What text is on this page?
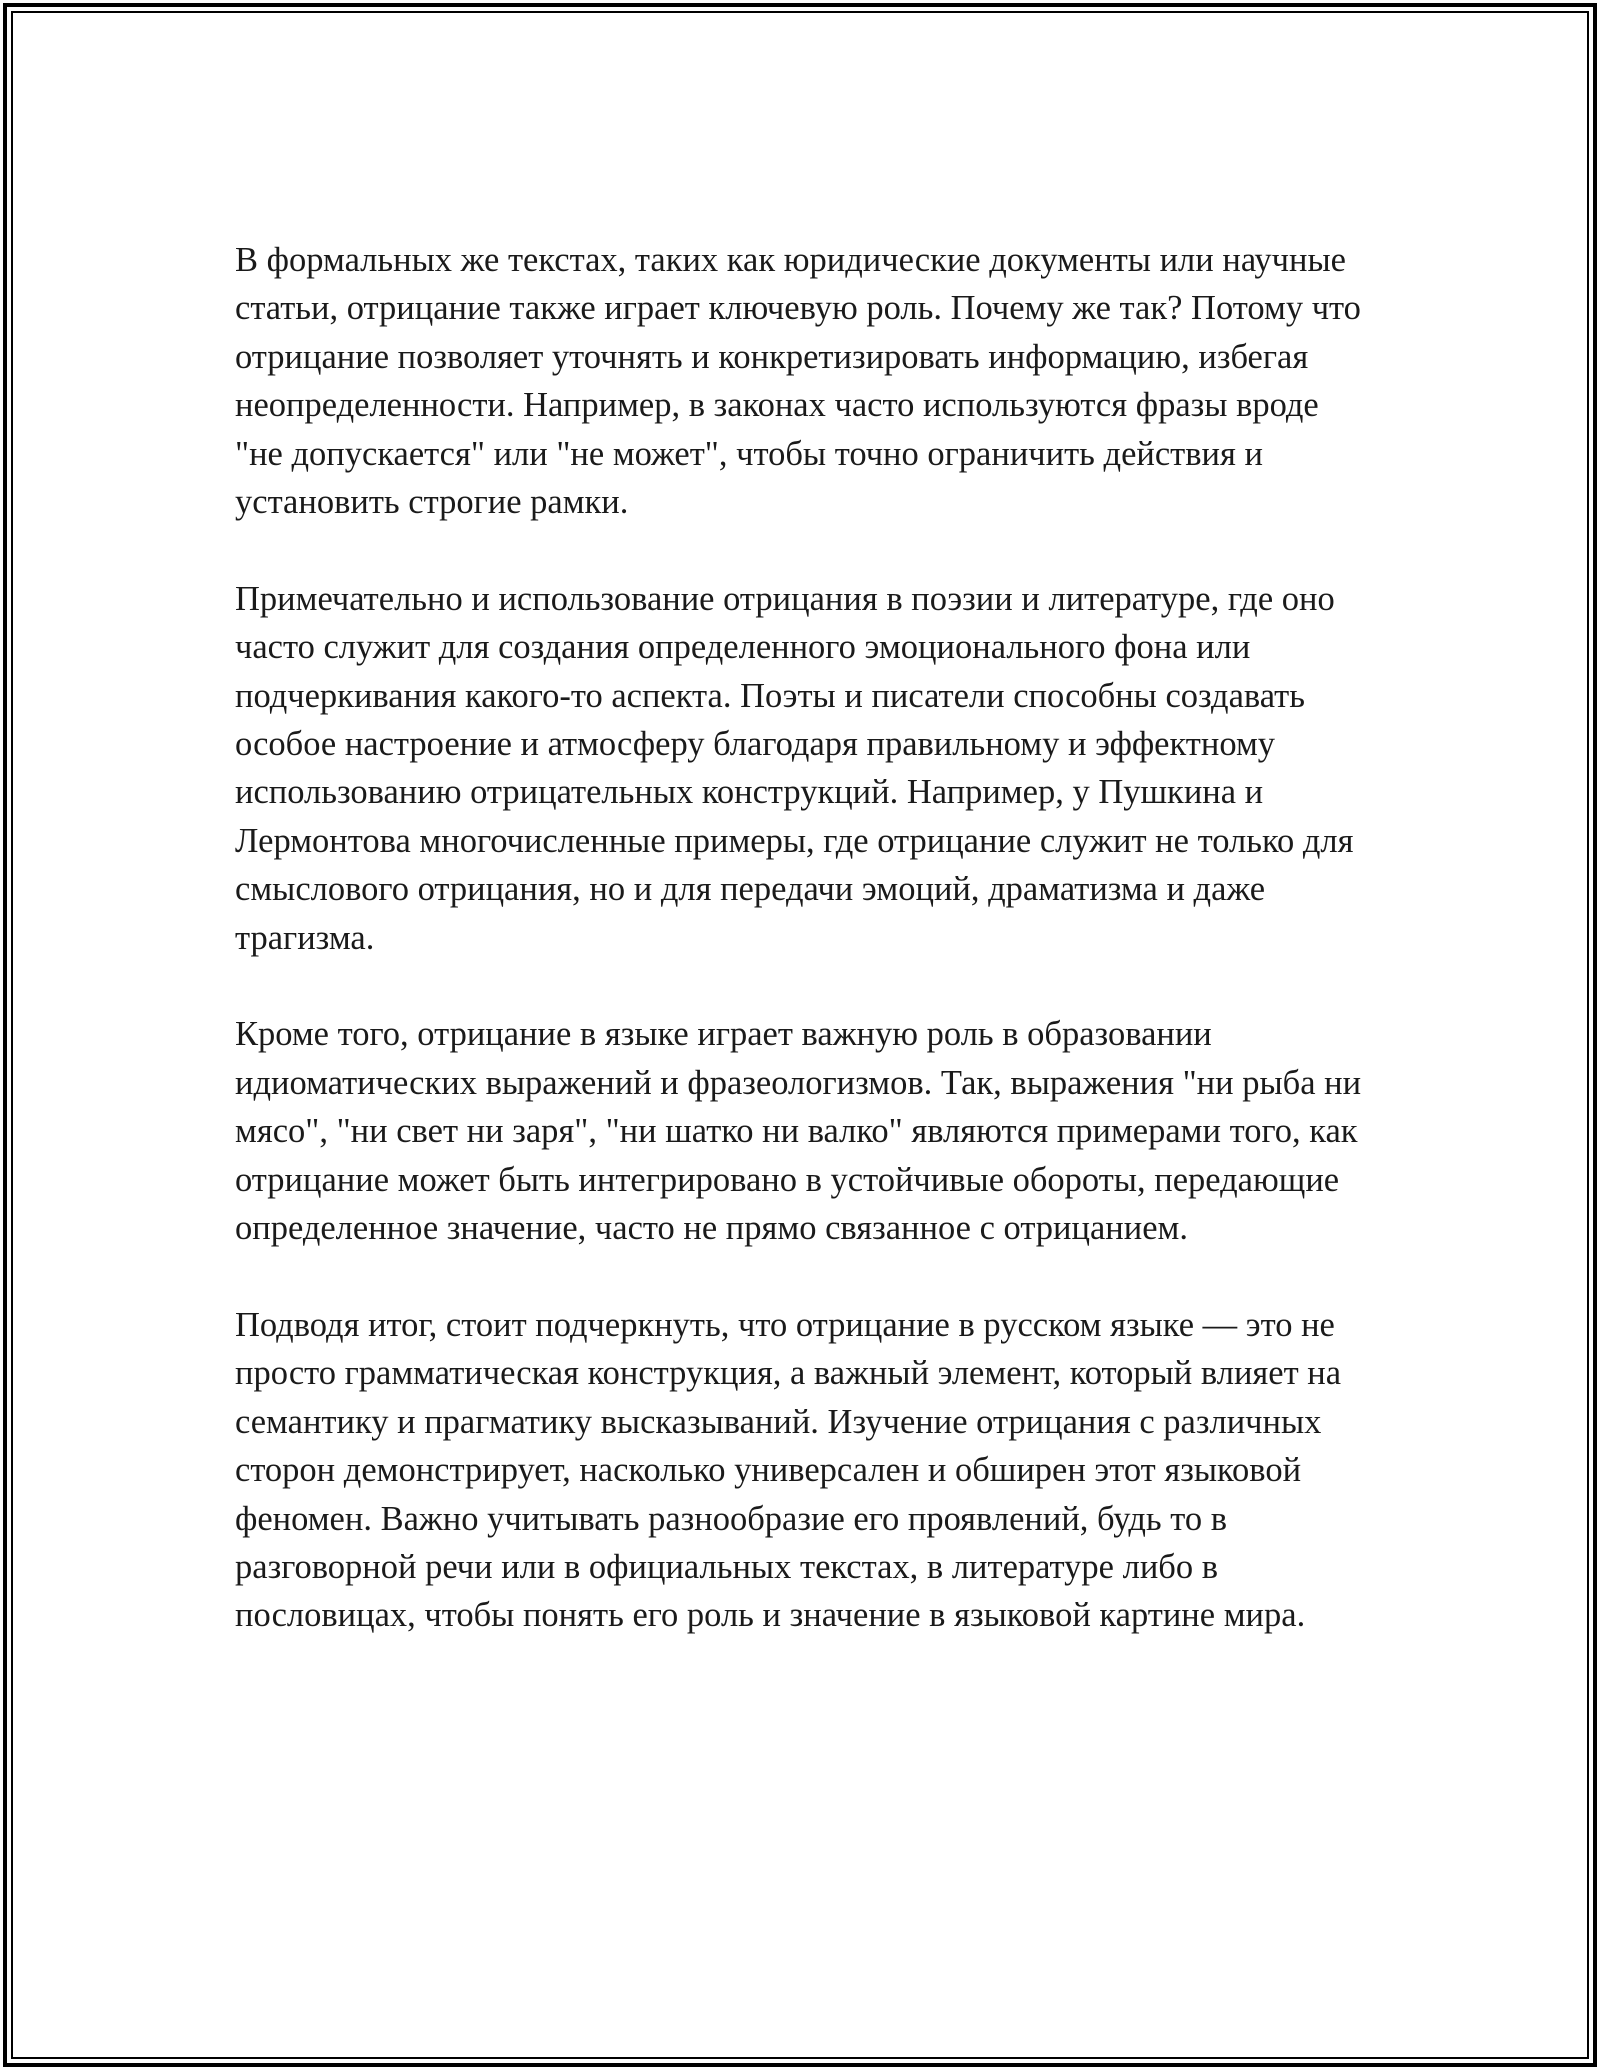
В формальных же текстах, таких как юридические документы или научные статьи, отрицание также играет ключевую роль. Почему же так? Потому что отрицание позволяет уточнять и конкретизировать информацию, избегая неопределенности. Например, в законах часто используются фразы вроде "не допускается" или "не может", чтобы точно ограничить действия и установить строгие рамки.

Примечательно и использование отрицания в поэзии и литературе, где оно часто служит для создания определенного эмоционального фона или подчеркивания какого-то аспекта. Поэты и писатели способны создавать особое настроение и атмосферу благодаря правильному и эффектному использованию отрицательных конструкций. Например, у Пушкина и Лермонтова многочисленные примеры, где отрицание служит не только для смыслового отрицания, но и для передачи эмоций, драматизма и даже трагизма.

Кроме того, отрицание в языке играет важную роль в образовании идиоматических выражений и фразеологизмов. Так, выражения "ни рыба ни мясо", "ни свет ни заря", "ни шатко ни валко" являются примерами того, как отрицание может быть интегрировано в устойчивые обороты, передающие определенное значение, часто не прямо связанное с отрицанием.

Подводя итог, стоит подчеркнуть, что отрицание в русском языке — это не просто грамматическая конструкция, а важный элемент, который влияет на семантику и прагматику высказываний. Изучение отрицания с различных сторон демонстрирует, насколько универсален и обширен этот языковой феномен. Важно учитывать разнообразие его проявлений, будь то в разговорной речи или в официальных текстах, в литературе либо в пословицах, чтобы понять его роль и значение в языковой картине мира.
